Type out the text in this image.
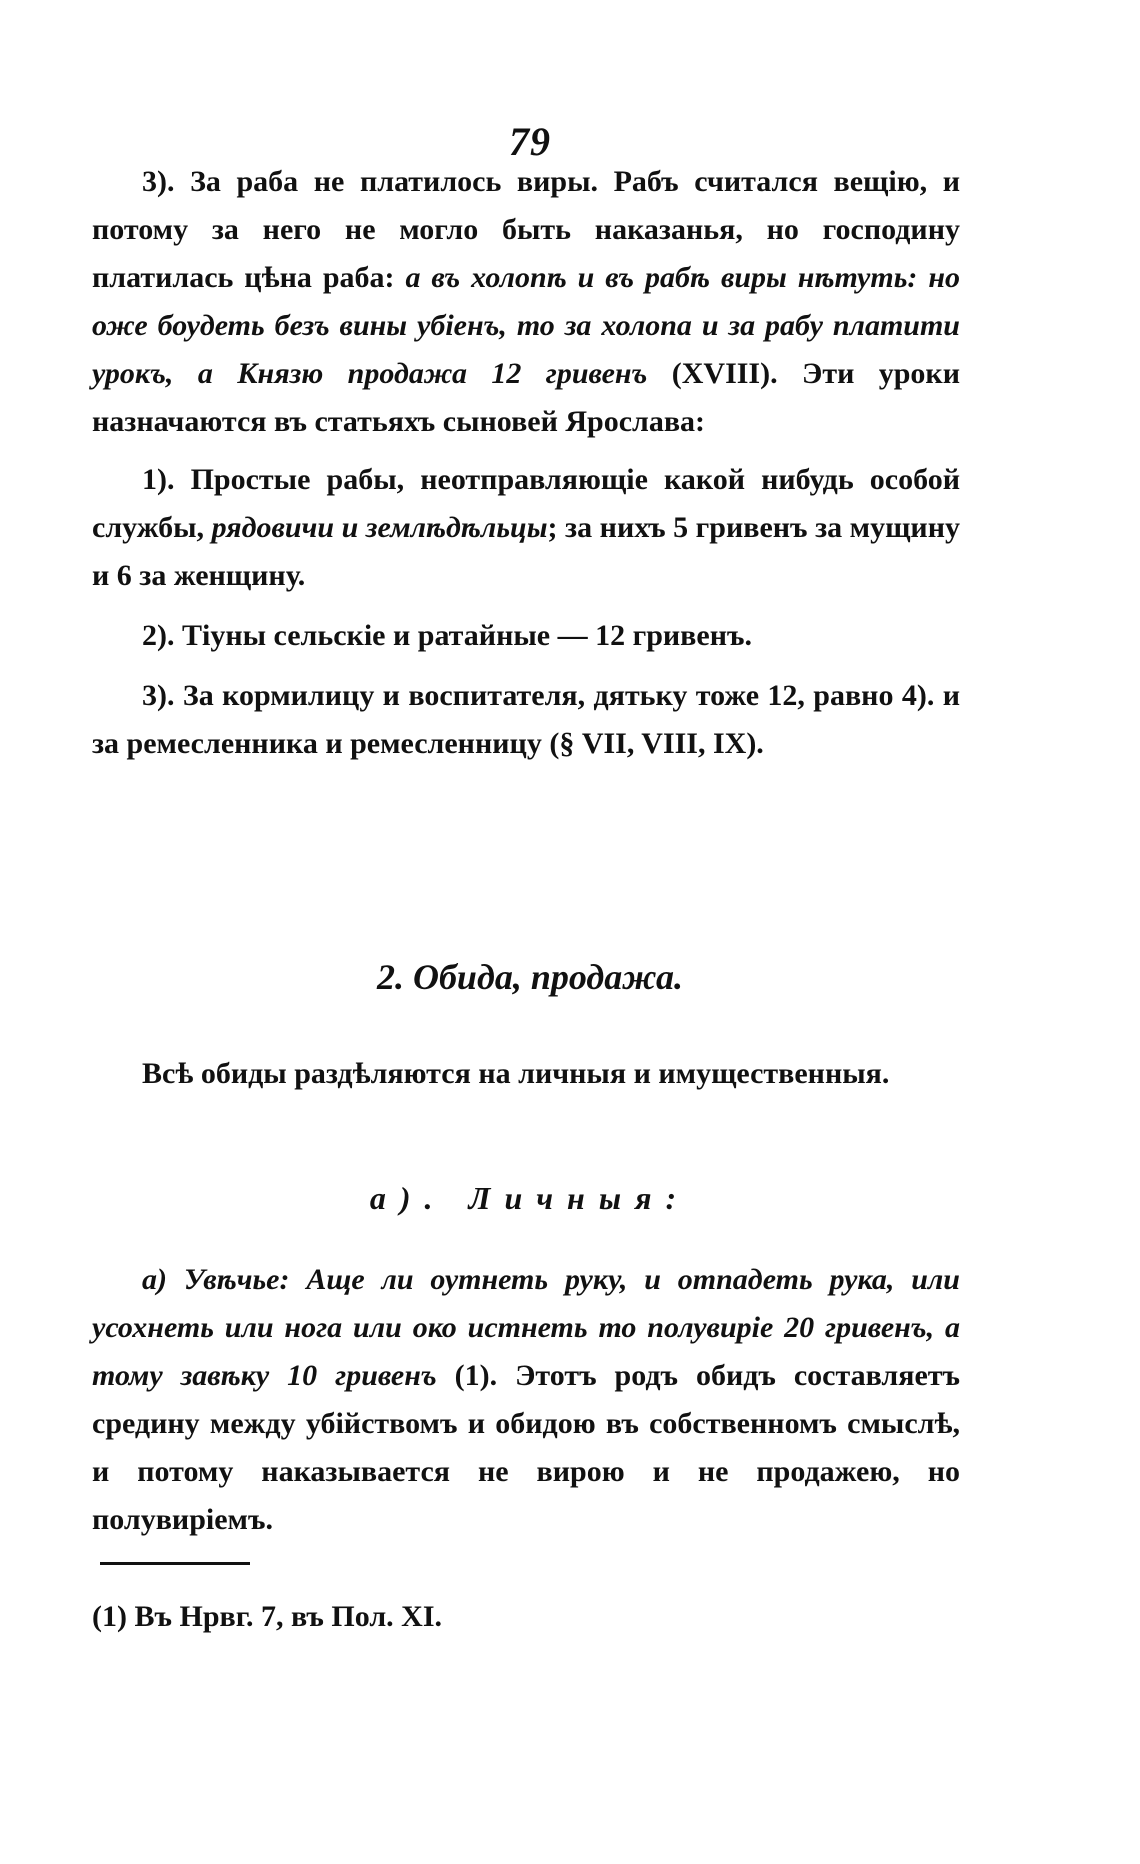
79

3). За раба не платилось виры. Рабъ считался вещію, и потому за него не могло быть наказанья, но господину платилась цѣна раба: а въ холопѣ и въ рабѣ виры нѣтуть: но оже боудеть безъ вины убіенъ, то за холопа и за рабу платити урокъ, а Князю продажа 12 гривенъ (XVIII). Эти уроки назначаются въ статьяхъ сыновей Ярослава:

1). Простые рабы, неотправляющіе какой нибудь особой службы, рядовичи и землѣдѣльцы; за нихъ 5 гривенъ за мущину и 6 за женщину.

2). Тіуны сельскіе и ратайные — 12 гривенъ.

3). За кормилицу и воспитателя, дятьку тоже 12, равно 4). и за ремесленника и ремесленницу (§ VII, VIII, IX).

2. Обида, продажа.

Всѣ обиды раздѣляются на личныя и имущественныя.

а). Личныя:

а) Увѣчье: Аще ли оутнеть руку, и отпадеть рука, или усохнеть или нога или око истнеть то полувиріе 20 гривенъ, а тому завѣку 10 гривенъ (1). Этотъ родъ обидъ составляетъ средину между убійствомъ и обидою въ собственномъ смыслѣ, и потому наказывается не вирою и не продажею, но полувиріемъ.

(1) Въ Нрвг. 7, въ Пол. XI.
